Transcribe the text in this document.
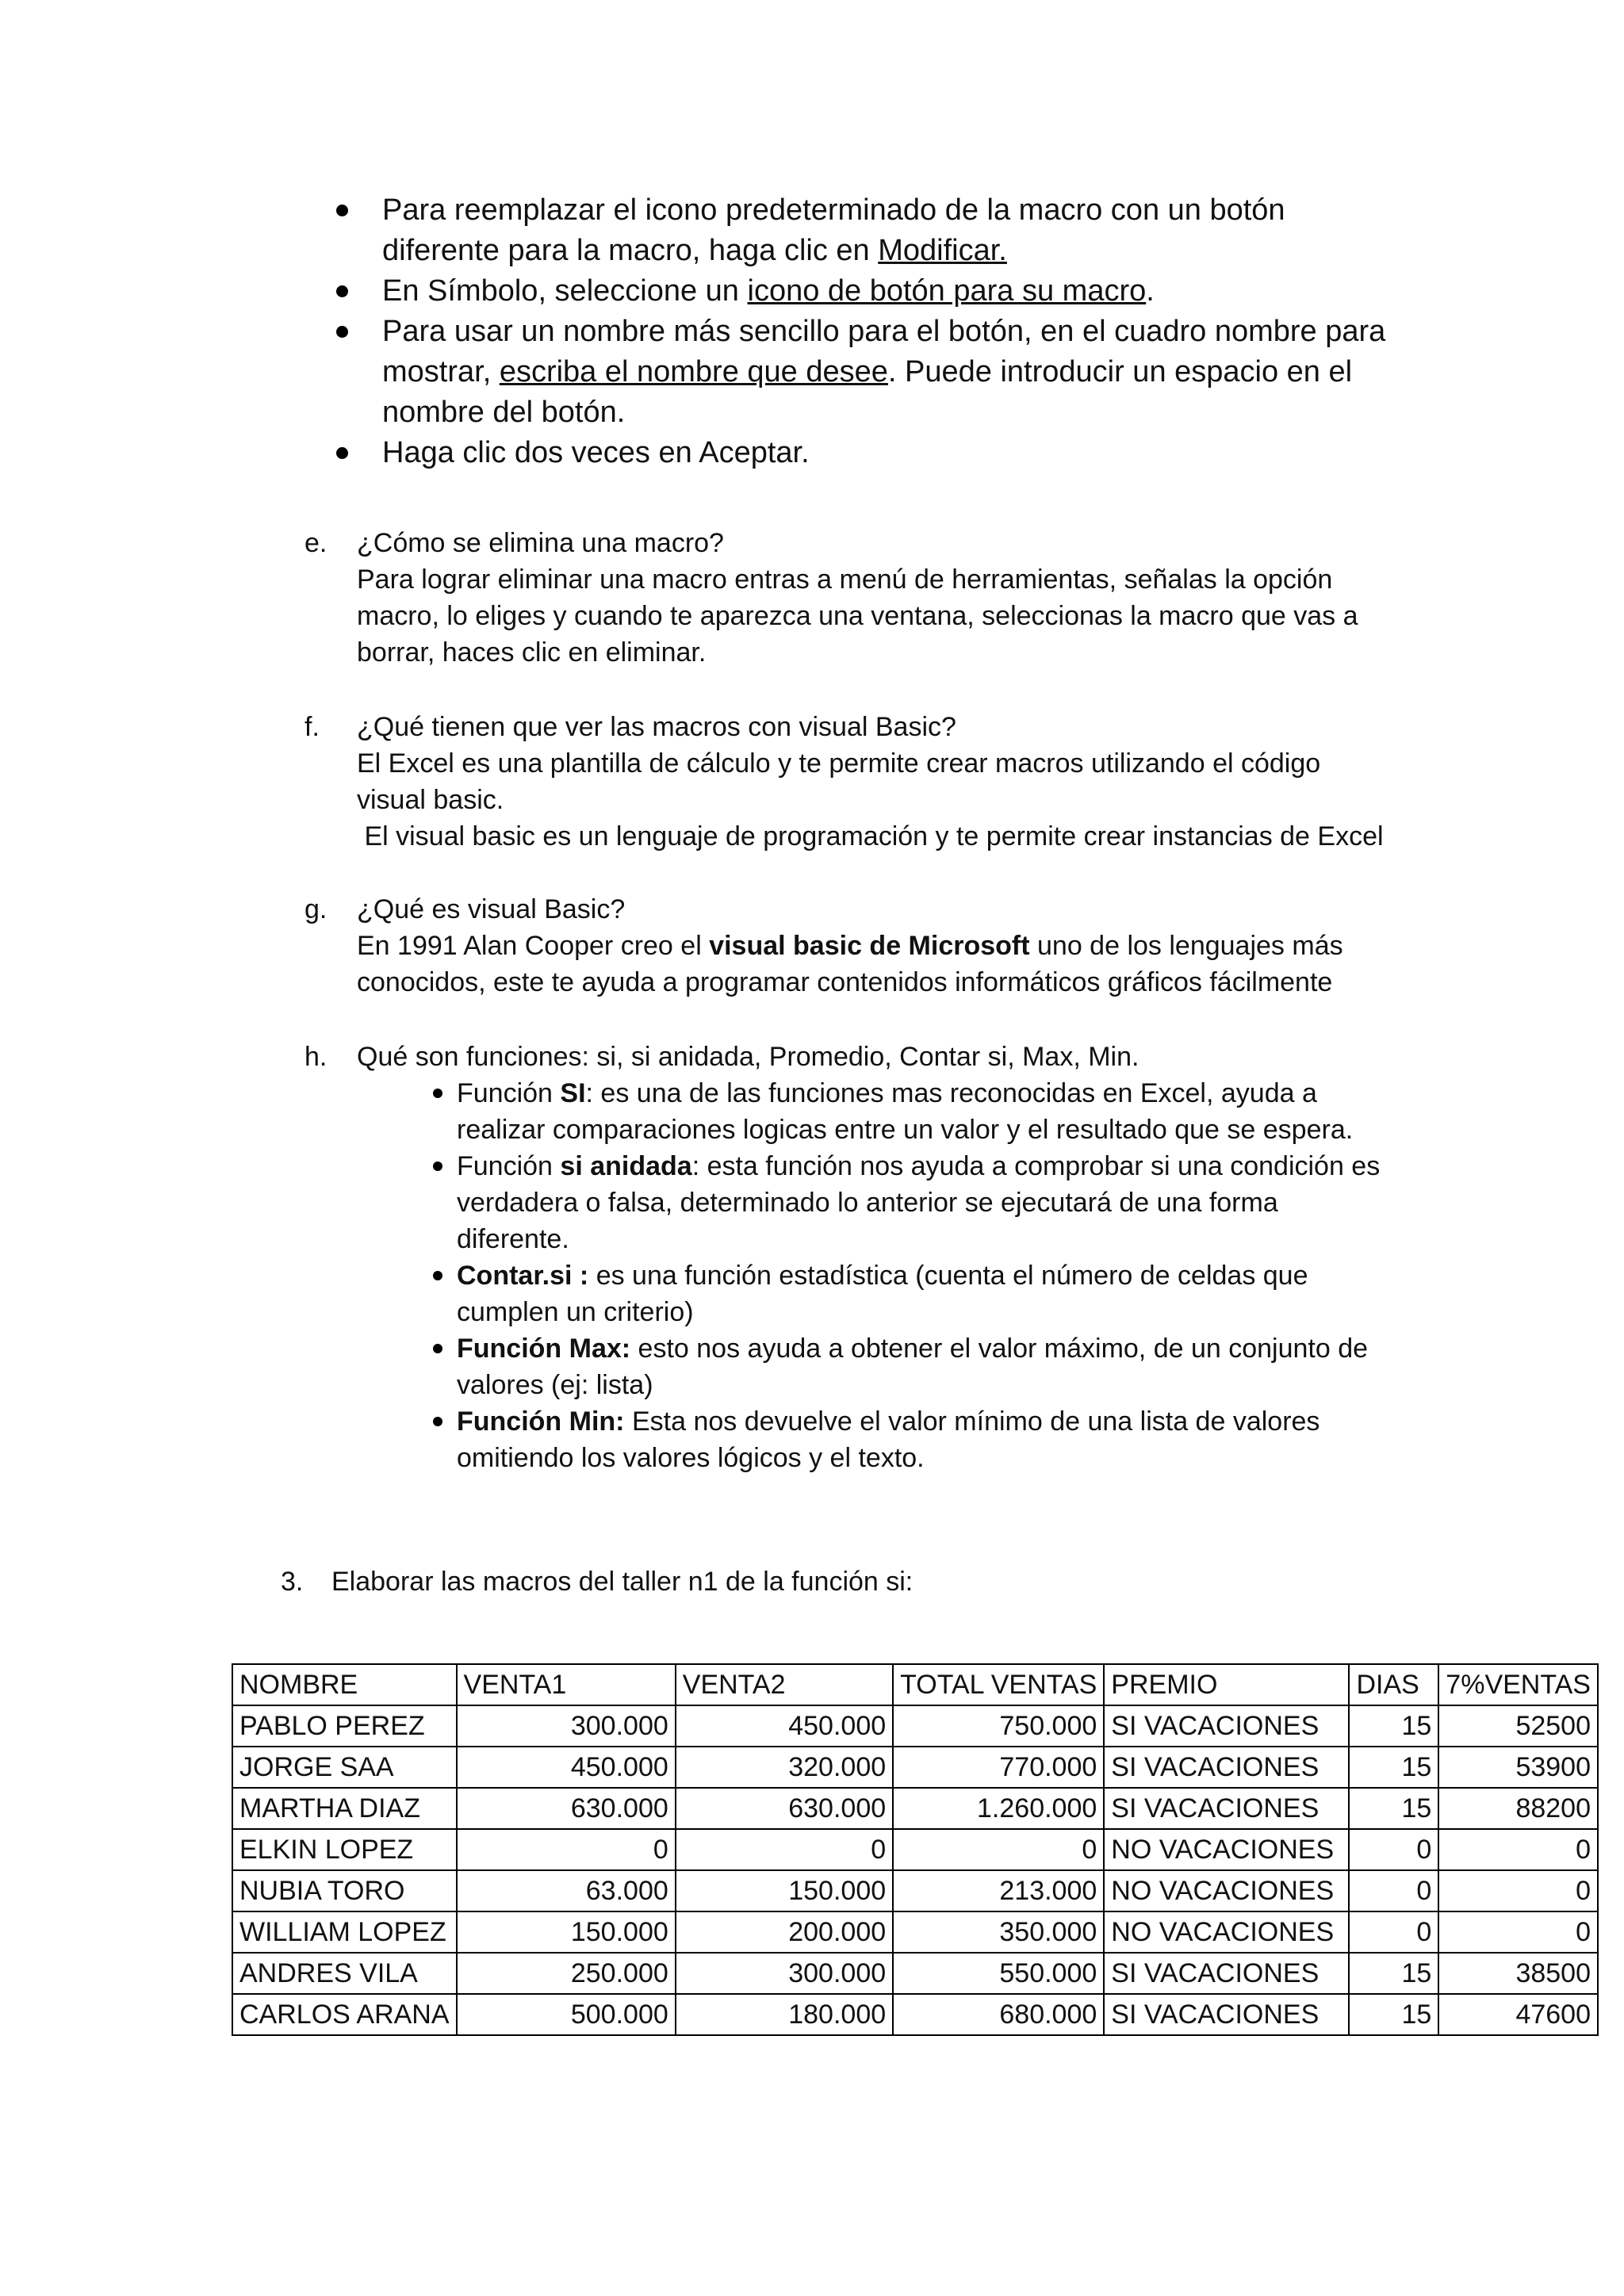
Para reemplazar el icono predeterminado de la macro con un botón
diferente para la macro, haga clic en Modificar.
En Símbolo, seleccione un icono de botón para su macro.
Para usar un nombre más sencillo para el botón, en el cuadro nombre para
mostrar, escriba el nombre que desee. Puede introducir un espacio en el
nombre del botón.
Haga clic dos veces en Aceptar.
e. ¿Cómo se elimina una macro?
Para lograr eliminar una macro entras a menú de herramientas, señalas la opción
macro, lo eliges y cuando te aparezca una ventana, seleccionas la macro que vas a
borrar, haces clic en eliminar.
f. ¿Qué tienen que ver las macros con visual Basic?
El Excel es una plantilla de cálculo y te permite crear macros utilizando el código
visual basic.
El visual basic es un lenguaje de programación y te permite crear instancias de Excel
g. ¿Qué es visual Basic?
En 1991 Alan Cooper creo el visual basic de Microsoft uno de los lenguajes más
conocidos, este te ayuda a programar contenidos informáticos gráficos fácilmente
h. Qué son funciones: si, si anidada, Promedio, Contar si, Max, Min.
Función SI: es una de las funciones mas reconocidas en Excel, ayuda a
realizar comparaciones logicas entre un valor y el resultado que se espera.
Función si anidada: esta función nos ayuda a comprobar si una condición es
verdadera o falsa, determinado lo anterior se ejecutará de una forma
diferente.
Contar.si : es una función estadística (cuenta el número de celdas que
cumplen un criterio)
Función Max: esto nos ayuda a obtener el valor máximo, de un conjunto de
valores (ej: lista)
Función Min: Esta nos devuelve el valor mínimo de una lista de valores
omitiendo los valores lógicos y el texto.
3. Elaborar las macros del taller n1 de la función si:
NOMBRE	VENTA1	VENTA2	TOTAL VENTAS	PREMIO	DIAS	7%VENTAS
PABLO PEREZ	300.000	450.000	750.000	SI VACACIONES	15	52500
JORGE SAA	450.000	320.000	770.000	SI VACACIONES	15	53900
MARTHA DIAZ	630.000	630.000	1.260.000	SI VACACIONES	15	88200
ELKIN LOPEZ	0	0	0	NO VACACIONES	0	0
NUBIA TORO	63.000	150.000	213.000	NO VACACIONES	0	0
WILLIAM LOPEZ	150.000	200.000	350.000	NO VACACIONES	0	0
ANDRES VILA	250.000	300.000	550.000	SI VACACIONES	15	38500
CARLOS ARANA	500.000	180.000	680.000	SI VACACIONES	15	47600
